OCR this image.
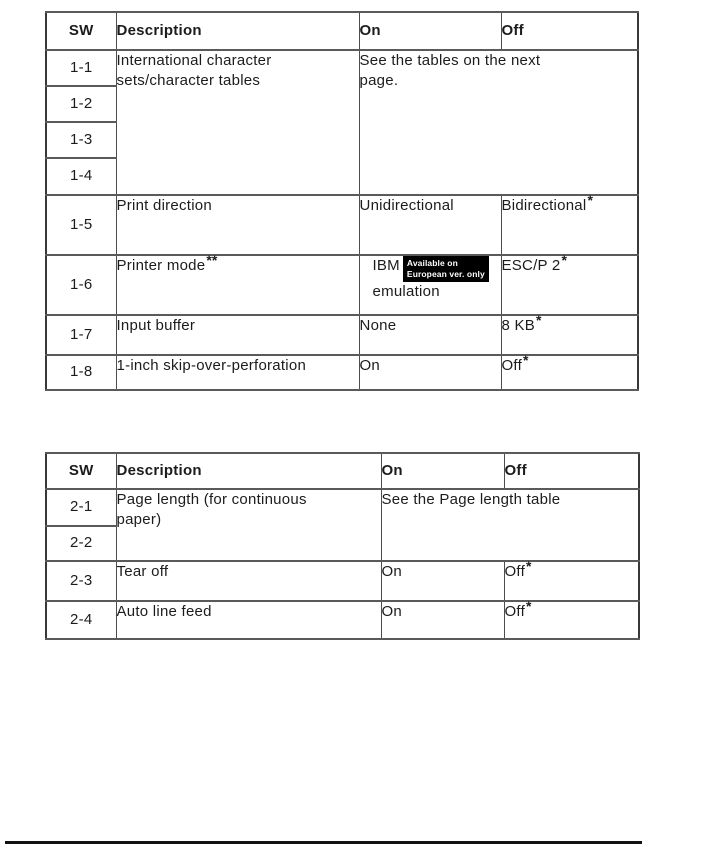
SW	Description	On	Off
1-1	International character sets/character tables	See the tables on the next page.	

1-2			
1-3			
1-4			
1-5	Print direction	Unidirectional	Bidirectional*
1-6	Printer mode**	IBM Available on
European ver. only
emulation	ESC/P 2*
1-7	Input buffer	None	8 KB*
1-8	1-inch skip-over-perforation	On	Off*
SW	Description	On	Off
2-1	Page length (for continuous paper)	See the Page length table	

2-2			
2-3	Tear off	On	Off*
2-4	Auto line feed	On	Off*
